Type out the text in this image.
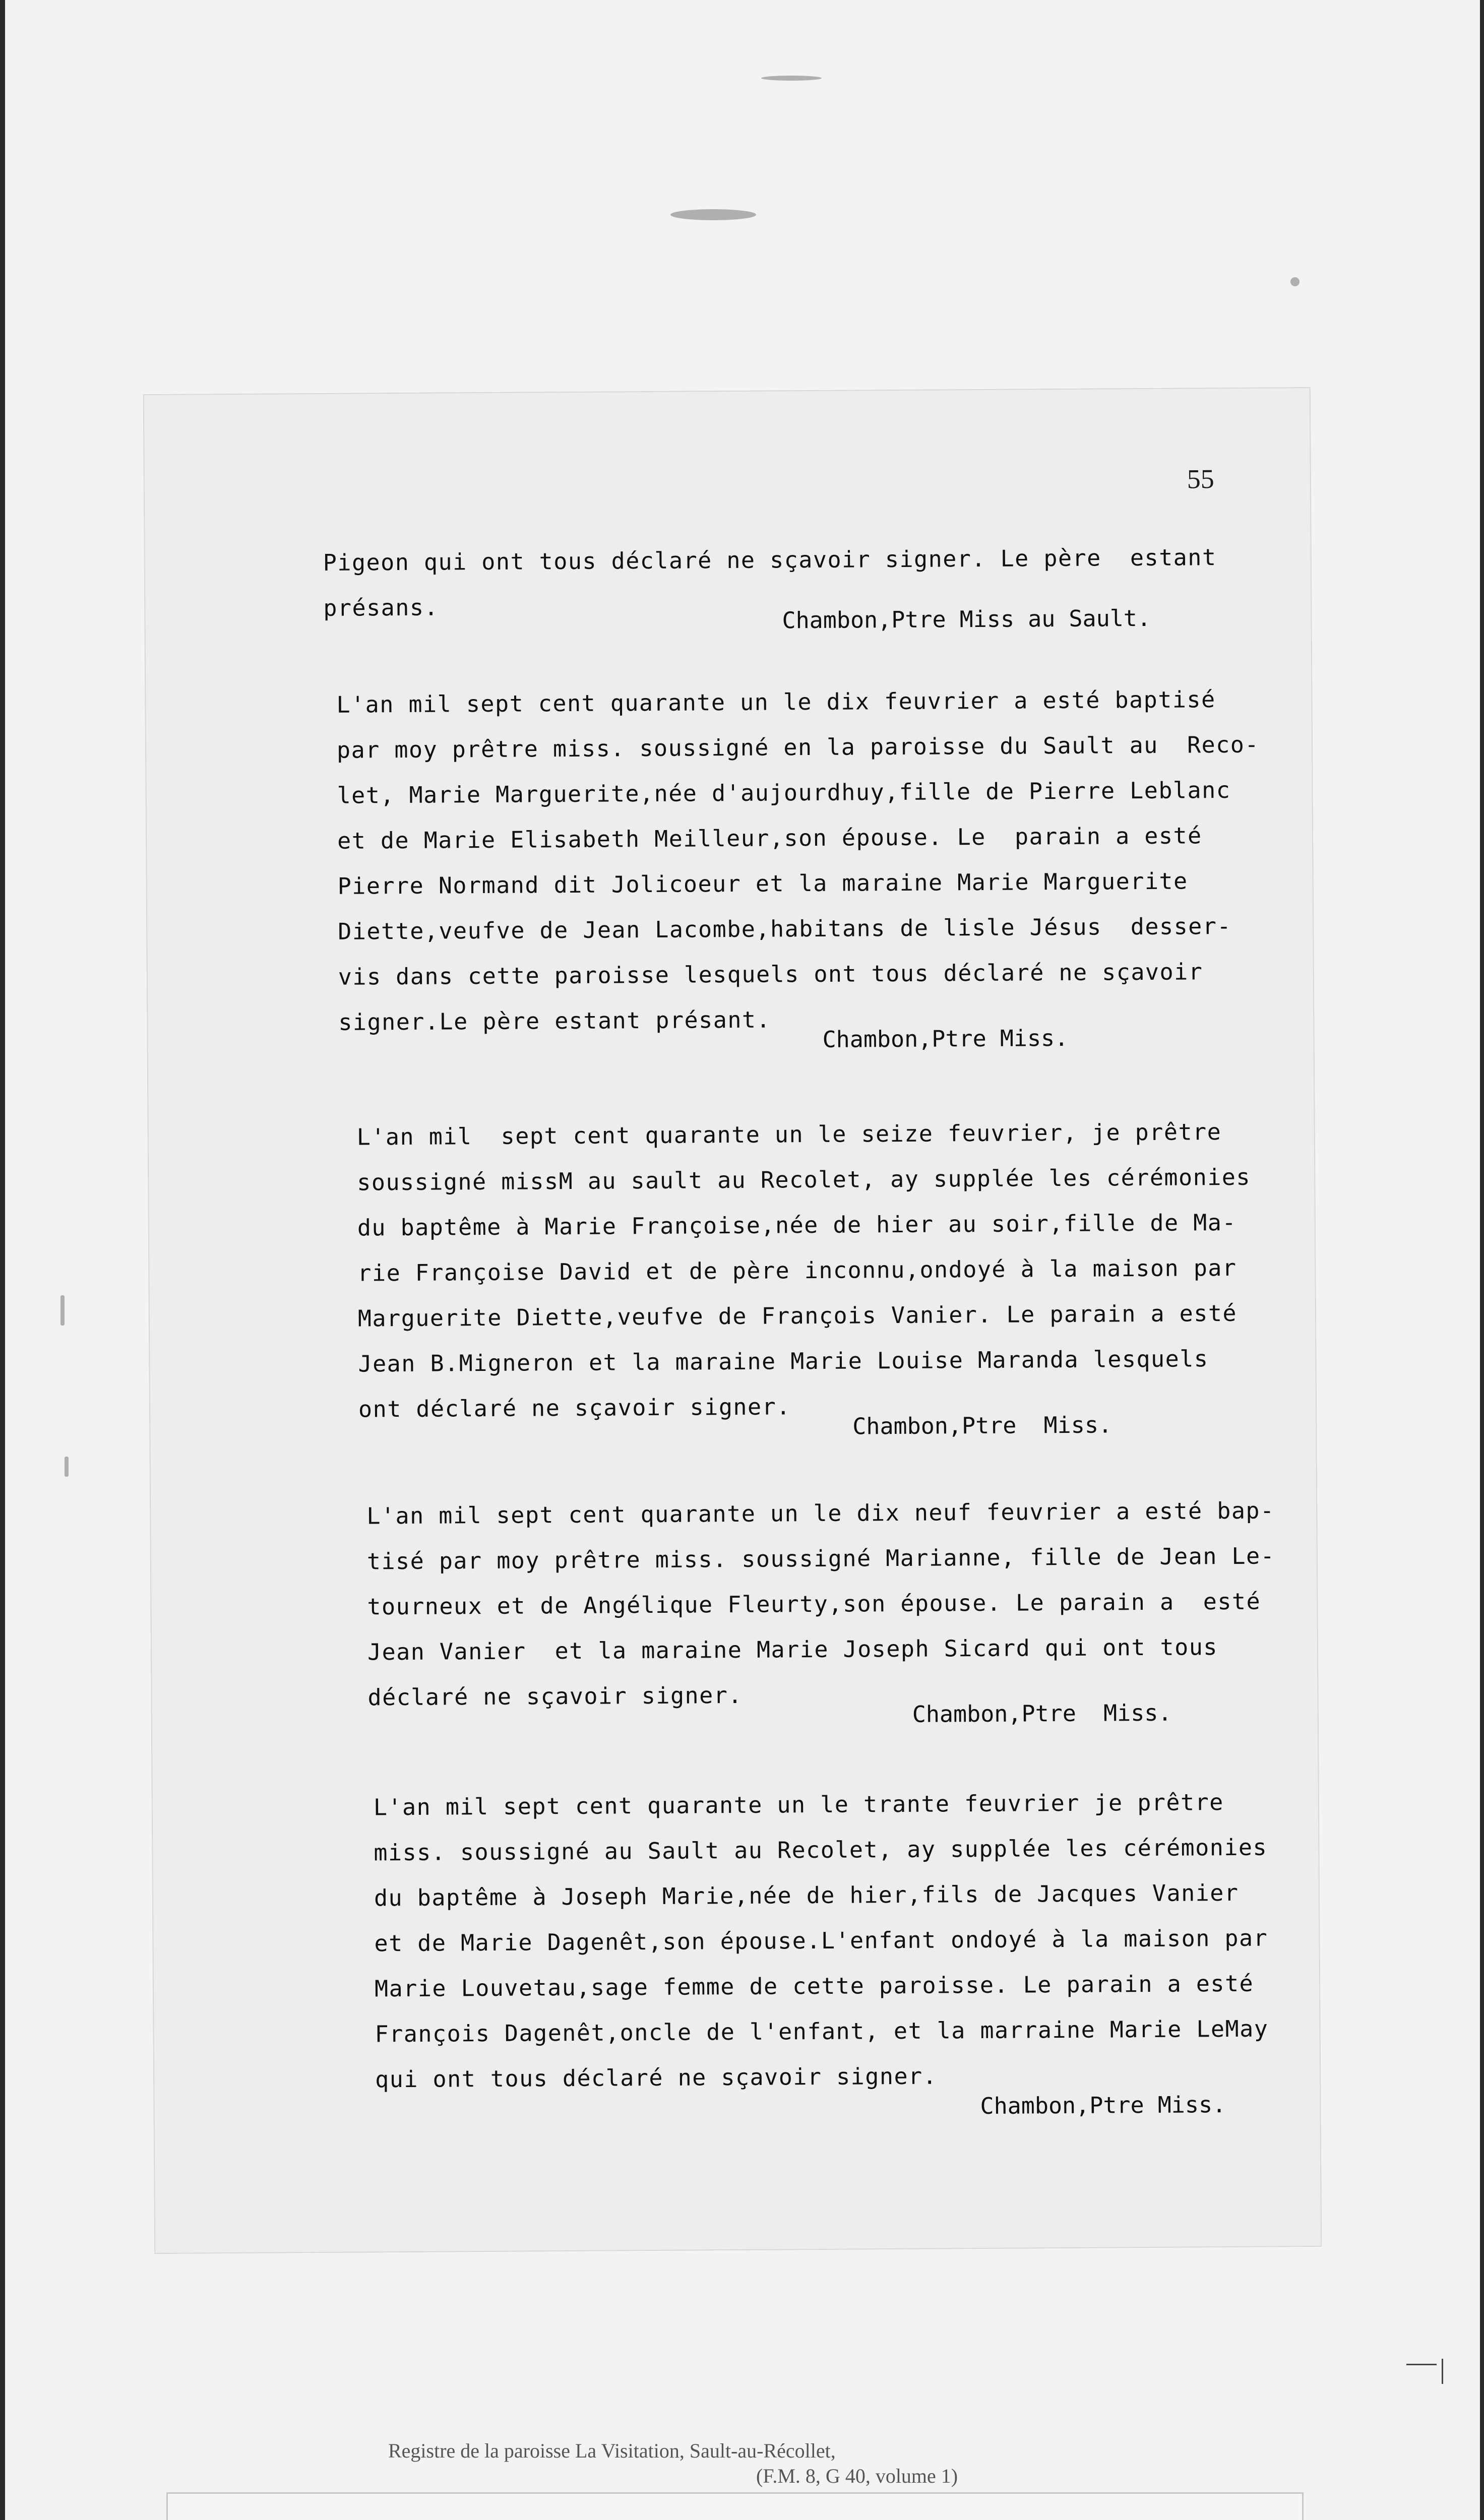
55
Pigeon qui ont tous déclaré ne sçavoir signer. Le père  estant
présans.	Chambon,Ptre Miss au Sault.
L'an mil sept cent quarante un le dix feuvrier a esté baptisé
par moy prêtre miss. soussigné en la paroisse du Sault au  Reco-
let, Marie Marguerite,née d'aujourdhuy,fille de Pierre Leblanc
et de Marie Elisabeth Meilleur,son épouse. Le  parain a esté
Pierre Normand dit Jolicoeur et la maraine Marie Marguerite
Diette,veufve de Jean Lacombe,habitans de lisle Jésus  desser-
vis dans cette paroisse lesquels ont tous déclaré ne sçavoir
signer.Le père estant présant.
Chambon,Ptre Miss.
L'an mil  sept cent quarante un le seize feuvrier, je prêtre
soussigné missM au sault au Recolet, ay supplée les cérémonies
du baptême à Marie Françoise,née de hier au soir,fille de Ma-
rie Françoise David et de père inconnu,ondoyé à la maison par
Marguerite Diette,veufve de François Vanier. Le parain a esté
Jean B.Migneron et la maraine Marie Louise Maranda lesquels
ont déclaré ne sçavoir signer.
Chambon,Ptre  Miss.
L'an mil sept cent quarante un le dix neuf feuvrier a esté bap-
tisé par moy prêtre miss. soussigné Marianne, fille de Jean Le-
tourneux et de Angélique Fleurty,son épouse. Le parain a  esté
Jean Vanier  et la maraine Marie Joseph Sicard qui ont tous
déclaré ne sçavoir signer.
Chambon,Ptre  Miss.
L'an mil sept cent quarante un le trante feuvrier je prêtre
miss. soussigné au Sault au Recolet, ay supplée les cérémonies
du baptême à Joseph Marie,née de hier,fils de Jacques Vanier
et de Marie Dagenêt,son épouse.L'enfant ondoyé à la maison par
Marie Louvetau,sage femme de cette paroisse. Le parain a esté
François Dagenêt,oncle de l'enfant, et la marraine Marie LeMay
qui ont tous déclaré ne sçavoir signer.
Chambon,Ptre Miss.
Registre de la paroisse La Visitation, Sault-au-Récollet,

(F.M. 8, G 40, volume 1)
